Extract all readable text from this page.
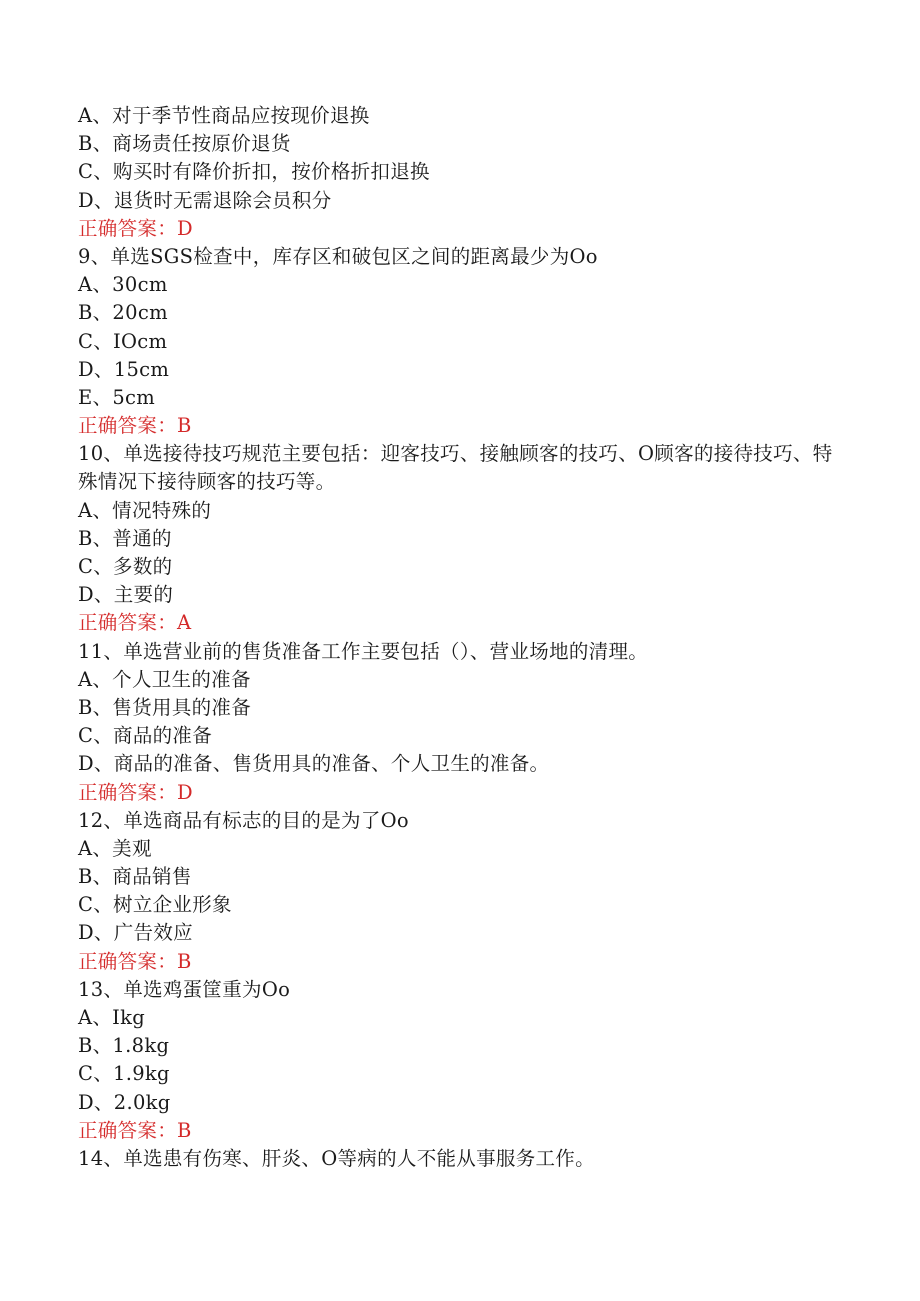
A、对于季节性商品应按现价退换
B、商场责任按原价退货
C、购买时有降价折扣，按价格折扣退换
D、退货时无需退除会员积分
正确答案：D
9、单选SGS检查中，库存区和破包区之间的距离最少为Oo
A、30cm
B、20cm
C、IOcm
D、15cm
E、5cm
正确答案：B
10、单选接待技巧规范主要包括：迎客技巧、接触顾客的技巧、O顾客的接待技巧、特殊情况下接待顾客的技巧等。
A、情况特殊的
B、普通的
C、多数的
D、主要的
正确答案：A
11、单选营业前的售货准备工作主要包括（）、营业场地的清理。
A、个人卫生的准备
B、售货用具的准备
C、商品的准备
D、商品的准备、售货用具的准备、个人卫生的准备。
正确答案：D
12、单选商品有标志的目的是为了Oo
A、美观
B、商品销售
C、树立企业形象
D、广告效应
正确答案：B
13、单选鸡蛋筐重为Oo
A、Ikg
B、1.8kg
C、1.9kg
D、2.0kg
正确答案：B
14、单选患有伤寒、肝炎、O等病的人不能从事服务工作。
